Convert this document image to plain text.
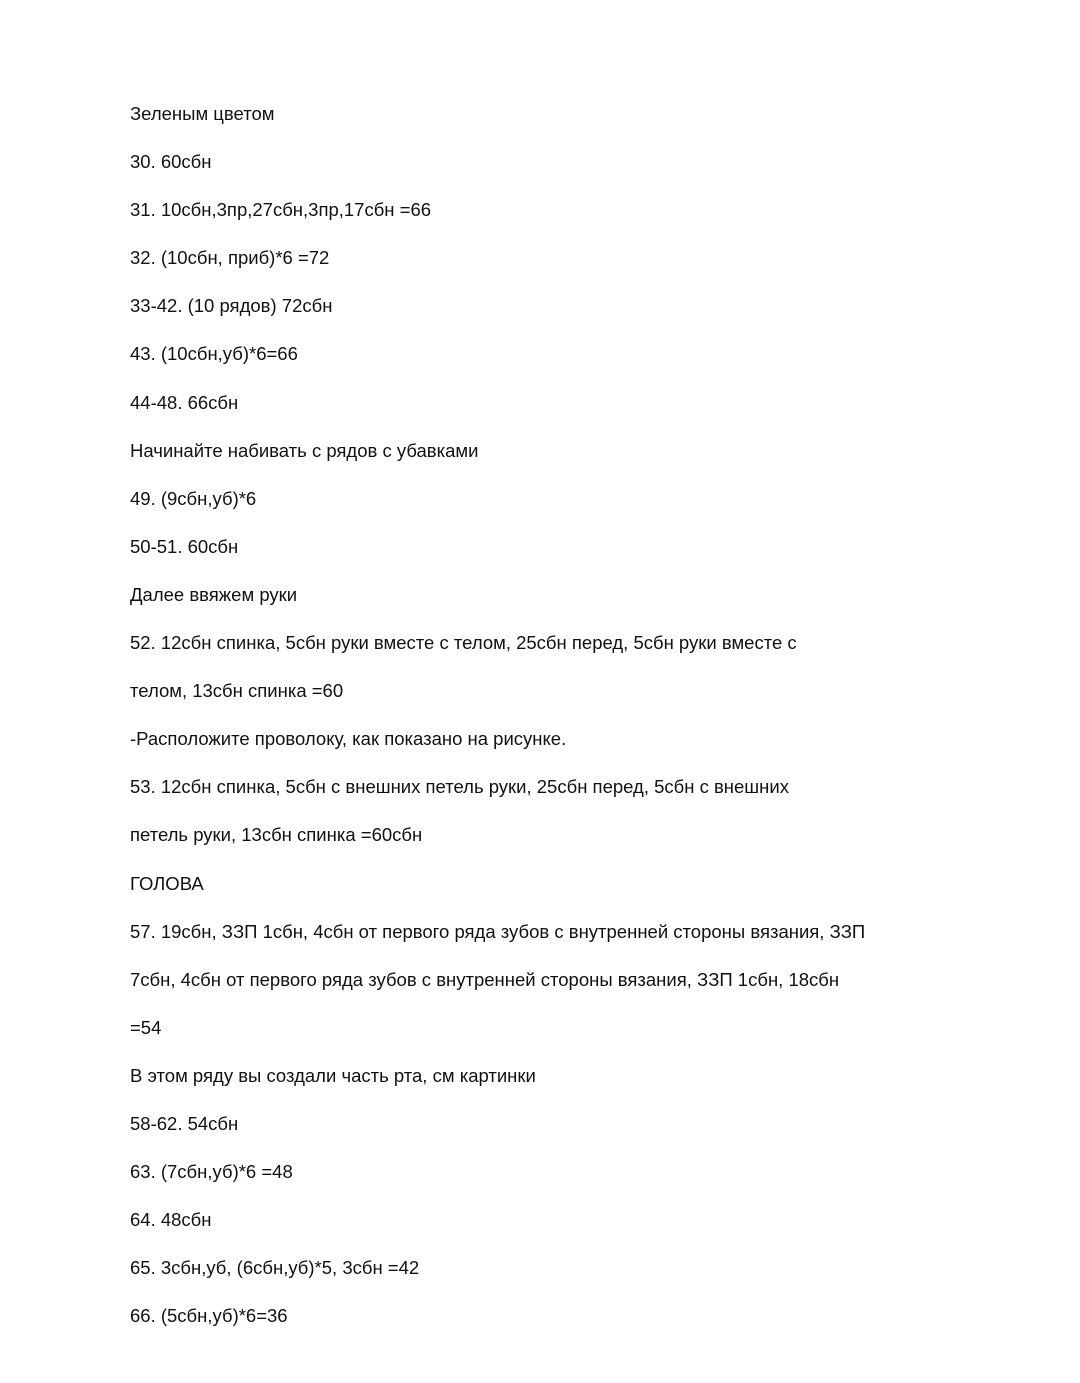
Зеленым цветом
30. 60сбн
31. 10сбн,3пр,27сбн,3пр,17сбн =66
32. (10сбн, приб)*6 =72
33-42. (10 рядов) 72сбн
43. (10сбн,уб)*6=66
44-48. 66сбн
Начинайте набивать с рядов с убавками
49. (9сбн,уб)*6
50-51. 60сбн
Далее ввяжем руки
52. 12сбн спинка, 5сбн руки вместе с телом, 25сбн перед, 5сбн руки вместе с
телом, 13сбн спинка =60
-Расположите проволоку, как показано на рисунке.
53. 12сбн спинка, 5сбн с внешних петель руки, 25сбн перед, 5сбн с внешних
петель руки, 13сбн спинка =60сбн
ГОЛОВА
57. 19сбн, ЗЗП 1сбн, 4сбн от первого ряда зубов с внутренней стороны вязания, ЗЗП
7сбн, 4сбн от первого ряда зубов с внутренней стороны вязания, ЗЗП 1сбн, 18сбн
=54
В этом ряду вы создали часть рта, см картинки
58-62. 54сбн
63. (7сбн,уб)*6 =48
64. 48сбн
65. 3сбн,уб, (6сбн,уб)*5, 3сбн =42
66. (5сбн,уб)*6=36
